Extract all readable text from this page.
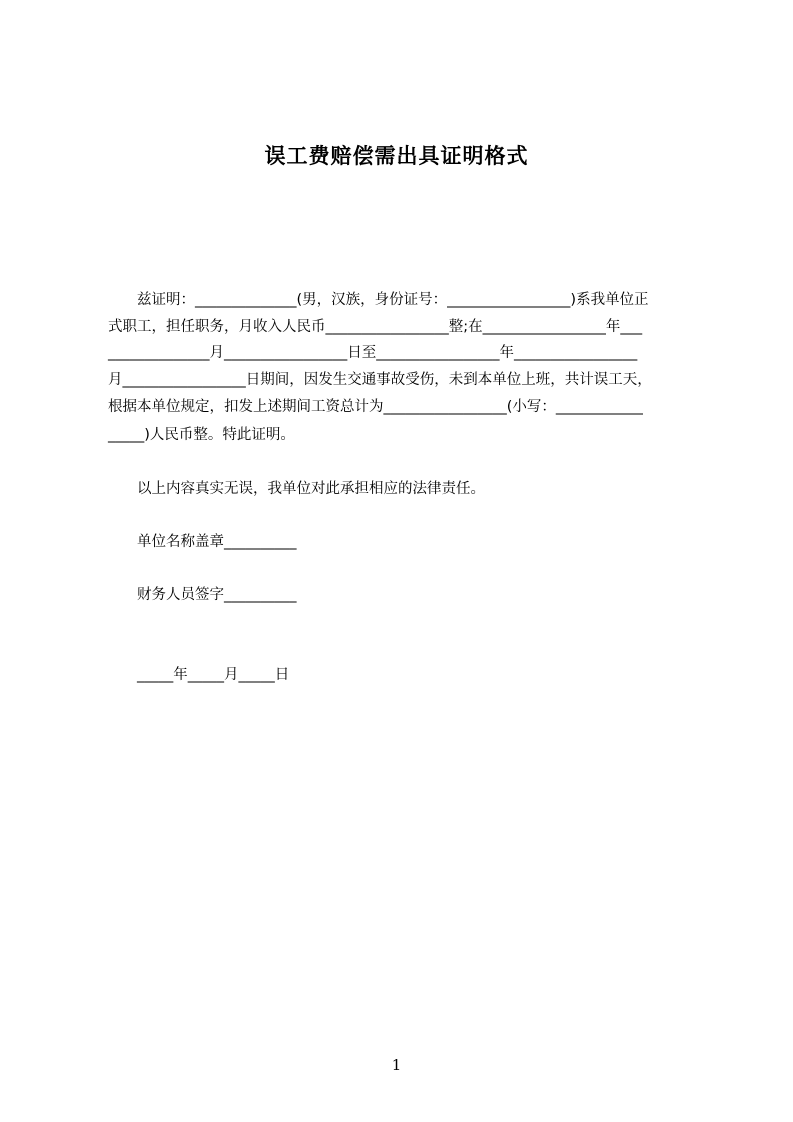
误工费赔偿需出具证明格式
兹证明：______________(男，汉族，身份证号：_________________)系我单位正
式职工，担任职务，月收入人民币_________________整;在_________________年___
______________月_________________日至_________________年_________________
月_________________日期间，因发生交通事故受伤，未到本单位上班，共计误工天，
根据本单位规定，扣发上述期间工资总计为_________________(小写：____________
_____)人民币整。特此证明。
以上内容真实无误，我单位对此承担相应的法律责任。
单位名称盖章__________
财务人员签字__________
_____年_____月_____日
1
